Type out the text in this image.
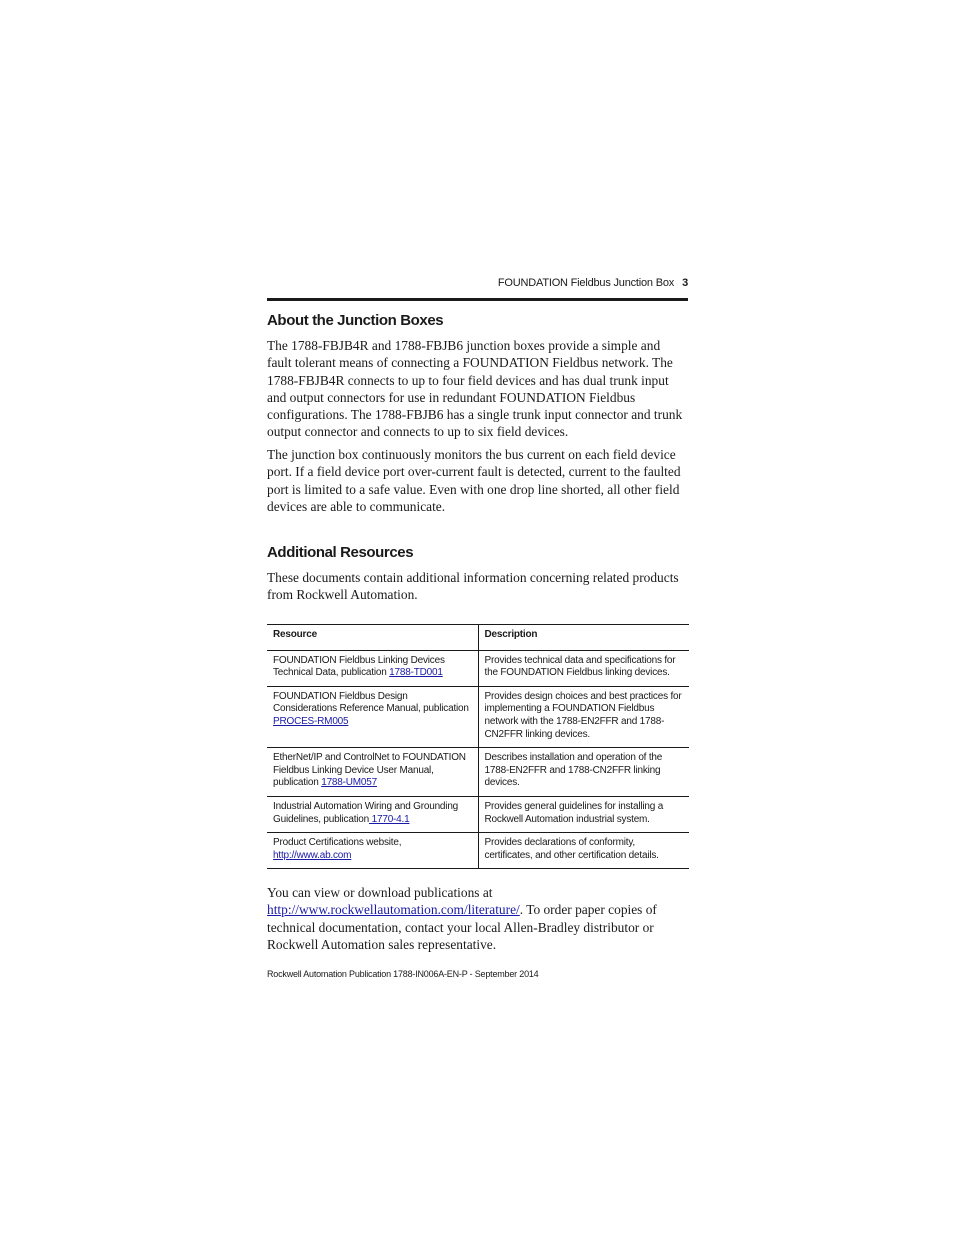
FOUNDATION Fieldbus Junction Box 3
About the Junction Boxes

The 1788-FBJB4R and 1788-FBJB6 junction boxes provide a simple and fault tolerant means of connecting a FOUNDATION Fieldbus network. The 1788-FBJB4R connects to up to four field devices and has dual trunk input and output connectors for use in redundant FOUNDATION Fieldbus configurations. The 1788-FBJB6 has a single trunk input connector and trunk output connector and connects to up to six field devices.

The junction box continuously monitors the bus current on each field device port. If a field device port over-current fault is detected, current to the faulted port is limited to a safe value. Even with one drop line shorted, all other field devices are able to communicate.

Additional Resources

These documents contain additional information concerning related products from Rockwell Automation.

Resource	Description
FOUNDATION Fieldbus Linking Devices Technical Data, publication 1788-TD001	Provides technical data and specifications for the FOUNDATION Fieldbus linking devices.
FOUNDATION Fieldbus Design Considerations Reference Manual, publication PROCES-RM005	Provides design choices and best practices for implementing a FOUNDATION Fieldbus network with the 1788-EN2FFR and 1788-CN2FFR linking devices.
EtherNet/IP and ControlNet to FOUNDATION Fieldbus Linking Device User Manual, publication 1788-UM057	Describes installation and operation of the 1788-EN2FFR and 1788-CN2FFR linking devices.
Industrial Automation Wiring and Grounding Guidelines, publication 1770-4.1	Provides general guidelines for installing a Rockwell Automation industrial system.
Product Certifications website, http://www.ab.com	Provides declarations of conformity, certificates, and other certification details.

You can view or download publications at http://www.rockwellautomation.com/literature/. To order paper copies of technical documentation, contact your local Allen-Bradley distributor or Rockwell Automation sales representative.

Rockwell Automation Publication 1788-IN006A-EN-P - September 2014
